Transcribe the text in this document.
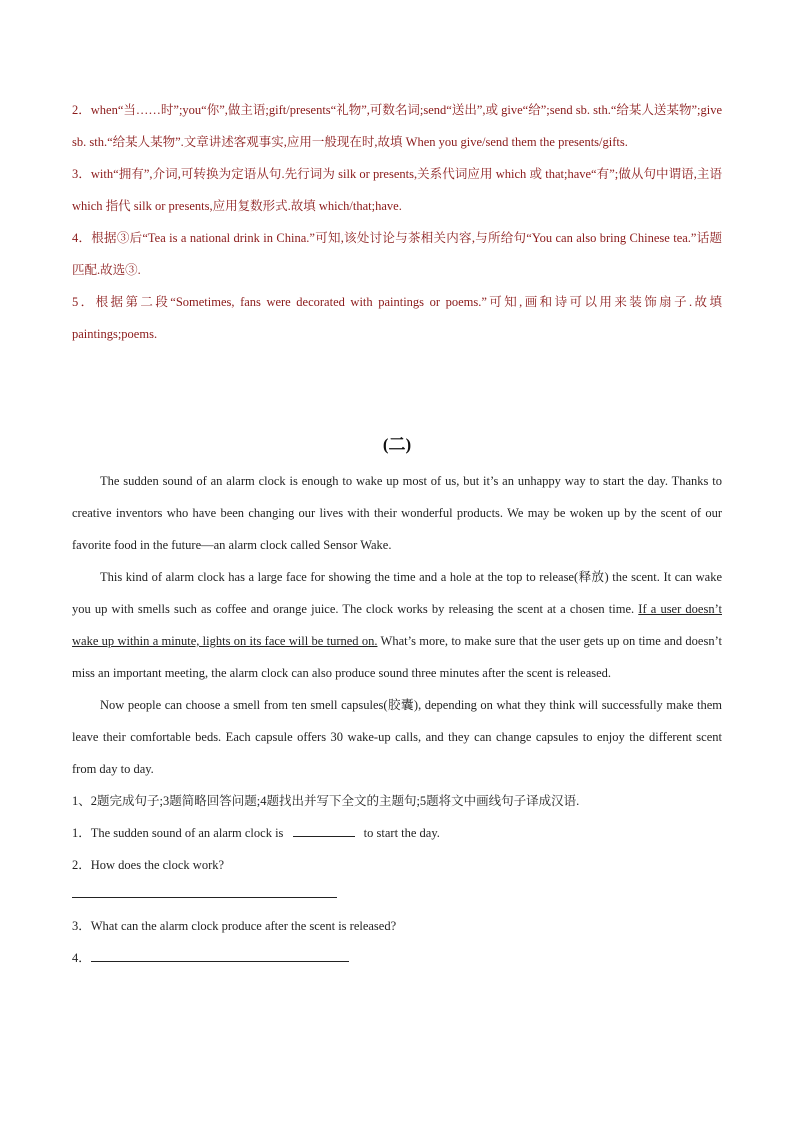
2．when“当……时”;you“你”,做主语;gift/presents“礼物”,可数名词;send“送出”,或 give“给”;send sb. sth.“给某人送某物”;give sb. sth.“给某人某物”.文章讲述客观事实,应用一般现在时,故填 When you give/send them the presents/gifts.

3．with“拥有”,介词,可转换为定语从句.先行词为 silk or presents,关系代词应用 which 或 that;have“有”;做从句中谓语,主语 which 指代 silk or presents,应用复数形式.故填 which/that;have.

4．根据③后“Tea is a national drink in China.”可知,该处讨论与茶相关内容,与所给句“You can also bring Chinese tea.”话题匹配.故选③.

5．根据第二段“Sometimes, fans were decorated with paintings or poems.”可知,画和诗可以用来装饰扇子.故填 paintings;poems.

(二)

The sudden sound of an alarm clock is enough to wake up most of us, but it’s an unhappy way to start the day. Thanks to creative inventors who have been changing our lives with their wonderful products. We may be woken up by the scent of our favorite food in the future—an alarm clock called Sensor Wake.

This kind of alarm clock has a large face for showing the time and a hole at the top to release(释放) the scent. It can wake you up with smells such as coffee and orange juice. The clock works by releasing the scent at a chosen time. If a user doesn’t wake up within a minute, lights on its face will be turned on. What’s more, to make sure that the user gets up on time and doesn’t miss an important meeting, the alarm clock can also produce sound three minutes after the scent is released.

Now people can choose a smell from ten smell capsules(胶囊), depending on what they think will successfully make them leave their comfortable beds. Each capsule offers 30 wake-up calls, and they can change capsules to enjoy the different scent from day to day.

1、2题完成句子;3题简略回答问题;4题找出并写下全文的主题句;5题将文中画线句子译成汉语.

1．The sudden sound of an alarm clock is	to start the day.

2．How does the clock work?

3．What can the alarm clock produce after the scent is released?

4．
